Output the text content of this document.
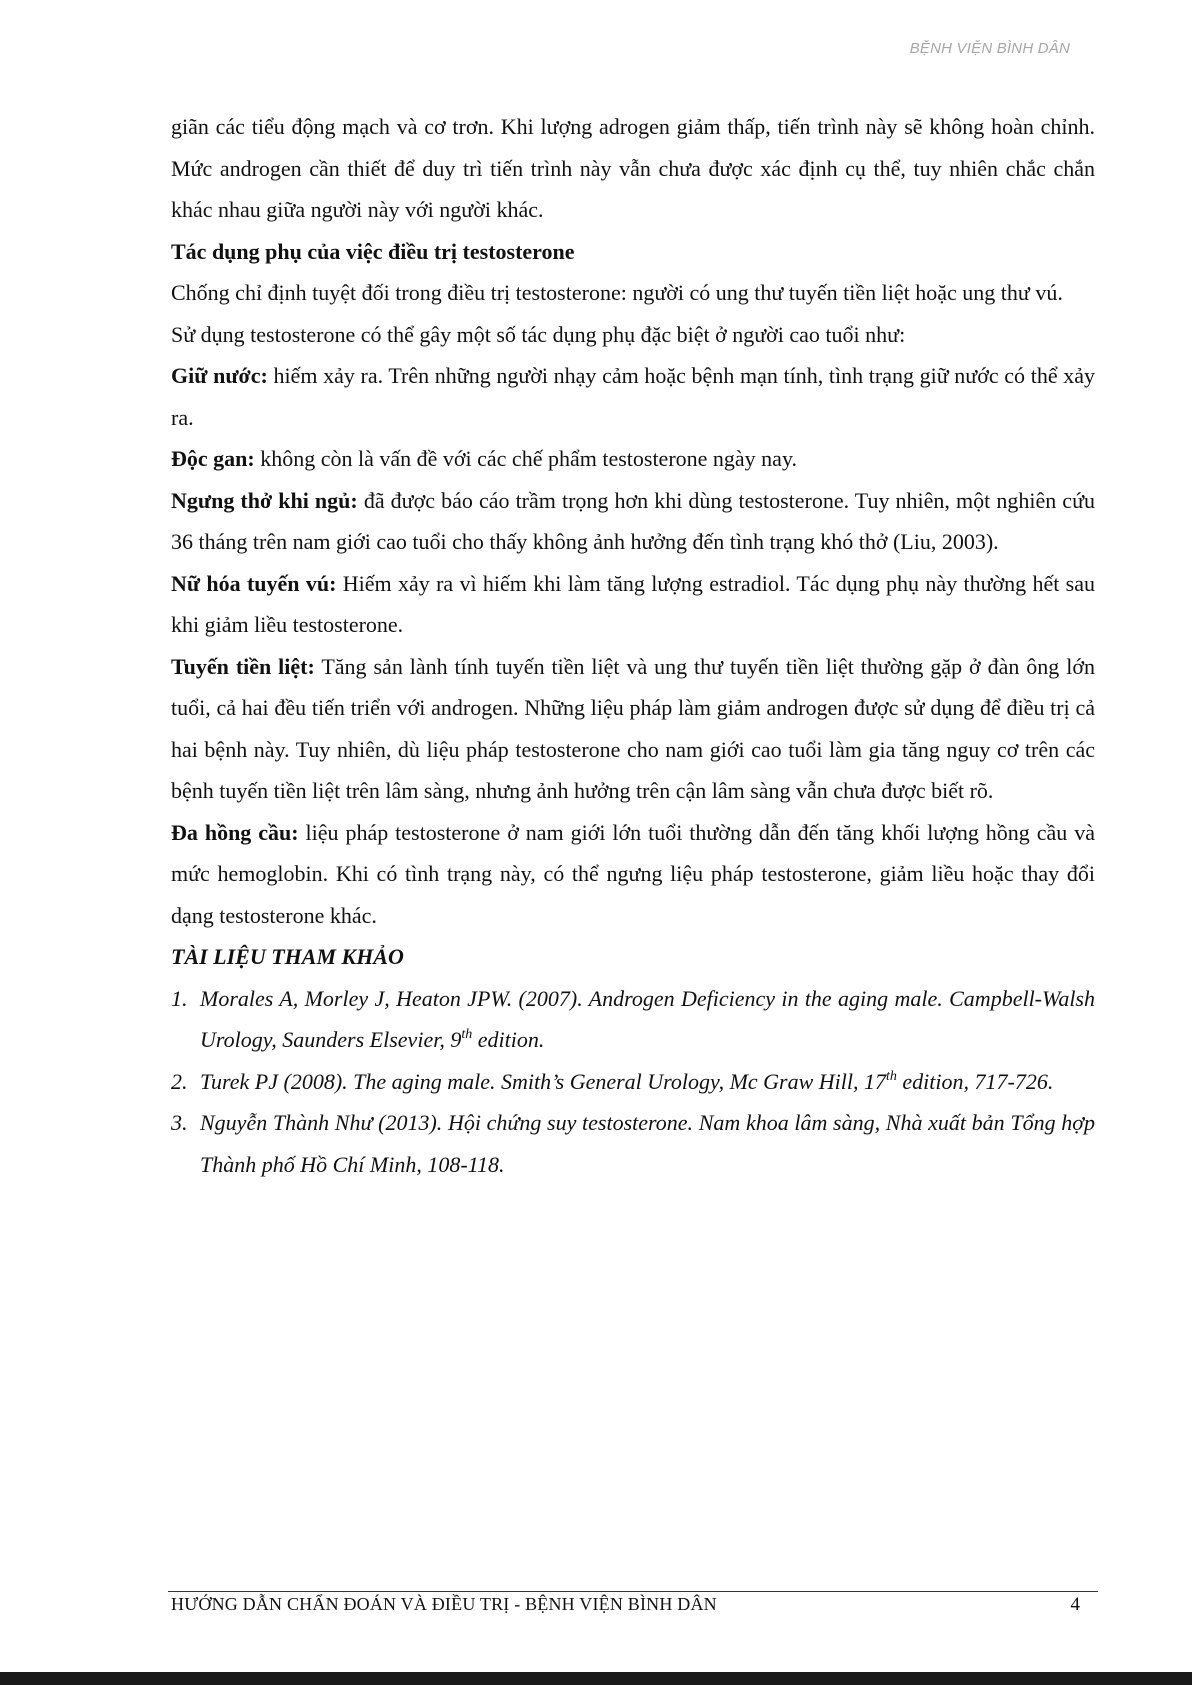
BỆNH VIỆN BÌNH DÂN

giãn các tiểu động mạch và cơ trơn. Khi lượng adrogen giảm thấp, tiến trình này sẽ không hoàn chỉnh. Mức androgen cần thiết để duy trì tiến trình này vẫn chưa được xác định cụ thể, tuy nhiên chắc chắn khác nhau giữa người này với người khác.

Tác dụng phụ của việc điều trị testosterone

Chống chỉ định tuyệt đối trong điều trị testosterone: người có ung thư tuyến tiền liệt hoặc ung thư vú.

Sử dụng testosterone có thể gây một số tác dụng phụ đặc biệt ở người cao tuổi như:

Giữ nước: hiếm xảy ra. Trên những người nhạy cảm hoặc bệnh mạn tính, tình trạng giữ nước có thể xảy ra.

Độc gan: không còn là vấn đề với các chế phẩm testosterone ngày nay.

Ngưng thở khi ngủ: đã được báo cáo trầm trọng hơn khi dùng testosterone. Tuy nhiên, một nghiên cứu 36 tháng trên nam giới cao tuổi cho thấy không ảnh hưởng đến tình trạng khó thở (Liu, 2003).

Nữ hóa tuyến vú: Hiếm xảy ra vì hiếm khi làm tăng lượng estradiol. Tác dụng phụ này thường hết sau khi giảm liều testosterone.

Tuyến tiền liệt: Tăng sản lành tính tuyến tiền liệt và ung thư tuyến tiền liệt thường gặp ở đàn ông lớn tuổi, cả hai đều tiến triển với androgen. Những liệu pháp làm giảm androgen được sử dụng để điều trị cả hai bệnh này. Tuy nhiên, dù liệu pháp testosterone cho nam giới cao tuổi làm gia tăng nguy cơ trên các bệnh tuyến tiền liệt trên lâm sàng, nhưng ảnh hưởng trên cận lâm sàng vẫn chưa được biết rõ.

Đa hồng cầu: liệu pháp testosterone ở nam giới lớn tuổi thường dẫn đến tăng khối lượng hồng cầu và mức hemoglobin. Khi có tình trạng này, có thể ngưng liệu pháp testosterone, giảm liều hoặc thay đổi dạng testosterone khác.

TÀI LIỆU THAM KHẢO

1. Morales A, Morley J, Heaton JPW. (2007). Androgen Deficiency in the aging male. Campbell-Walsh Urology, Saunders Elsevier, 9th edition.
2. Turek PJ (2008). The aging male. Smith’s General Urology, Mc Graw Hill, 17th edition, 717-726.
3. Nguyễn Thành Như (2013). Hội chứng suy testosterone. Nam khoa lâm sàng, Nhà xuất bản Tổng hợp Thành phố Hồ Chí Minh, 108-118.
HƯỚNG DẪN CHẨN ĐOÁN VÀ ĐIỀU TRỊ - BỆNH VIỆN BÌNH DÂN	4
